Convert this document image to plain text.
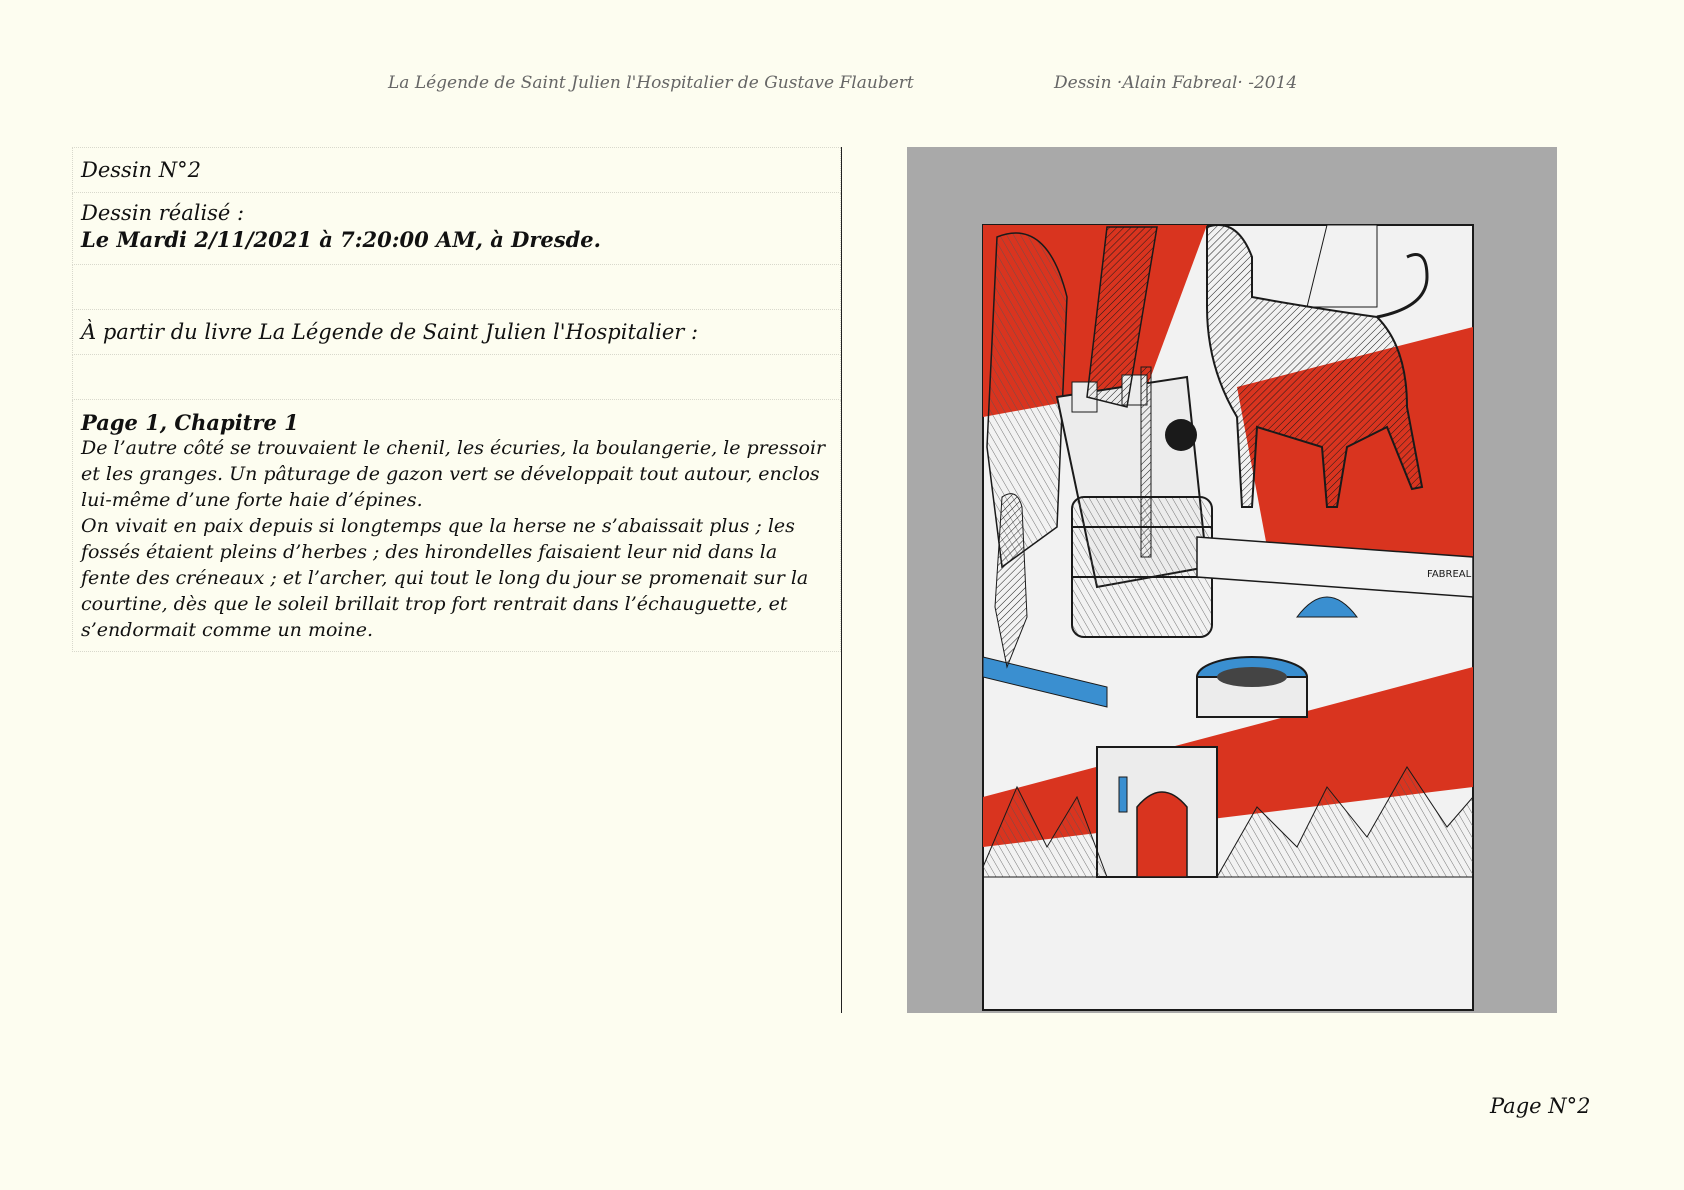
La Légende de Saint Julien l'Hospitalier de Gustave Flaubert	Dessin ·Alain Fabreal· -2014
Dessin N°2
Dessin réalisé :
Le Mardi 2/11/2021 à 7:20:00 AM, à Dresde.
À partir du livre La Légende de Saint Julien l'Hospitalier :
Page 1, Chapitre 1
De l’autre côté se trouvaient le chenil, les écuries, la boulangerie, le pressoir et les granges. Un pâturage de gazon vert se développait tout autour, enclos lui-même d’une forte haie d’épines.
On vivait en paix depuis si longtemps que la herse ne s’abaissait plus ; les fossés étaient pleins d’herbes ; des hirondelles faisaient leur nid dans la fente des créneaux ; et l’archer, qui tout le long du jour se promenait sur la courtine, dès que le soleil brillait trop fort rentrait dans l’échauguette, et s’endormait comme un moine.
FABREAL
Page N°2
